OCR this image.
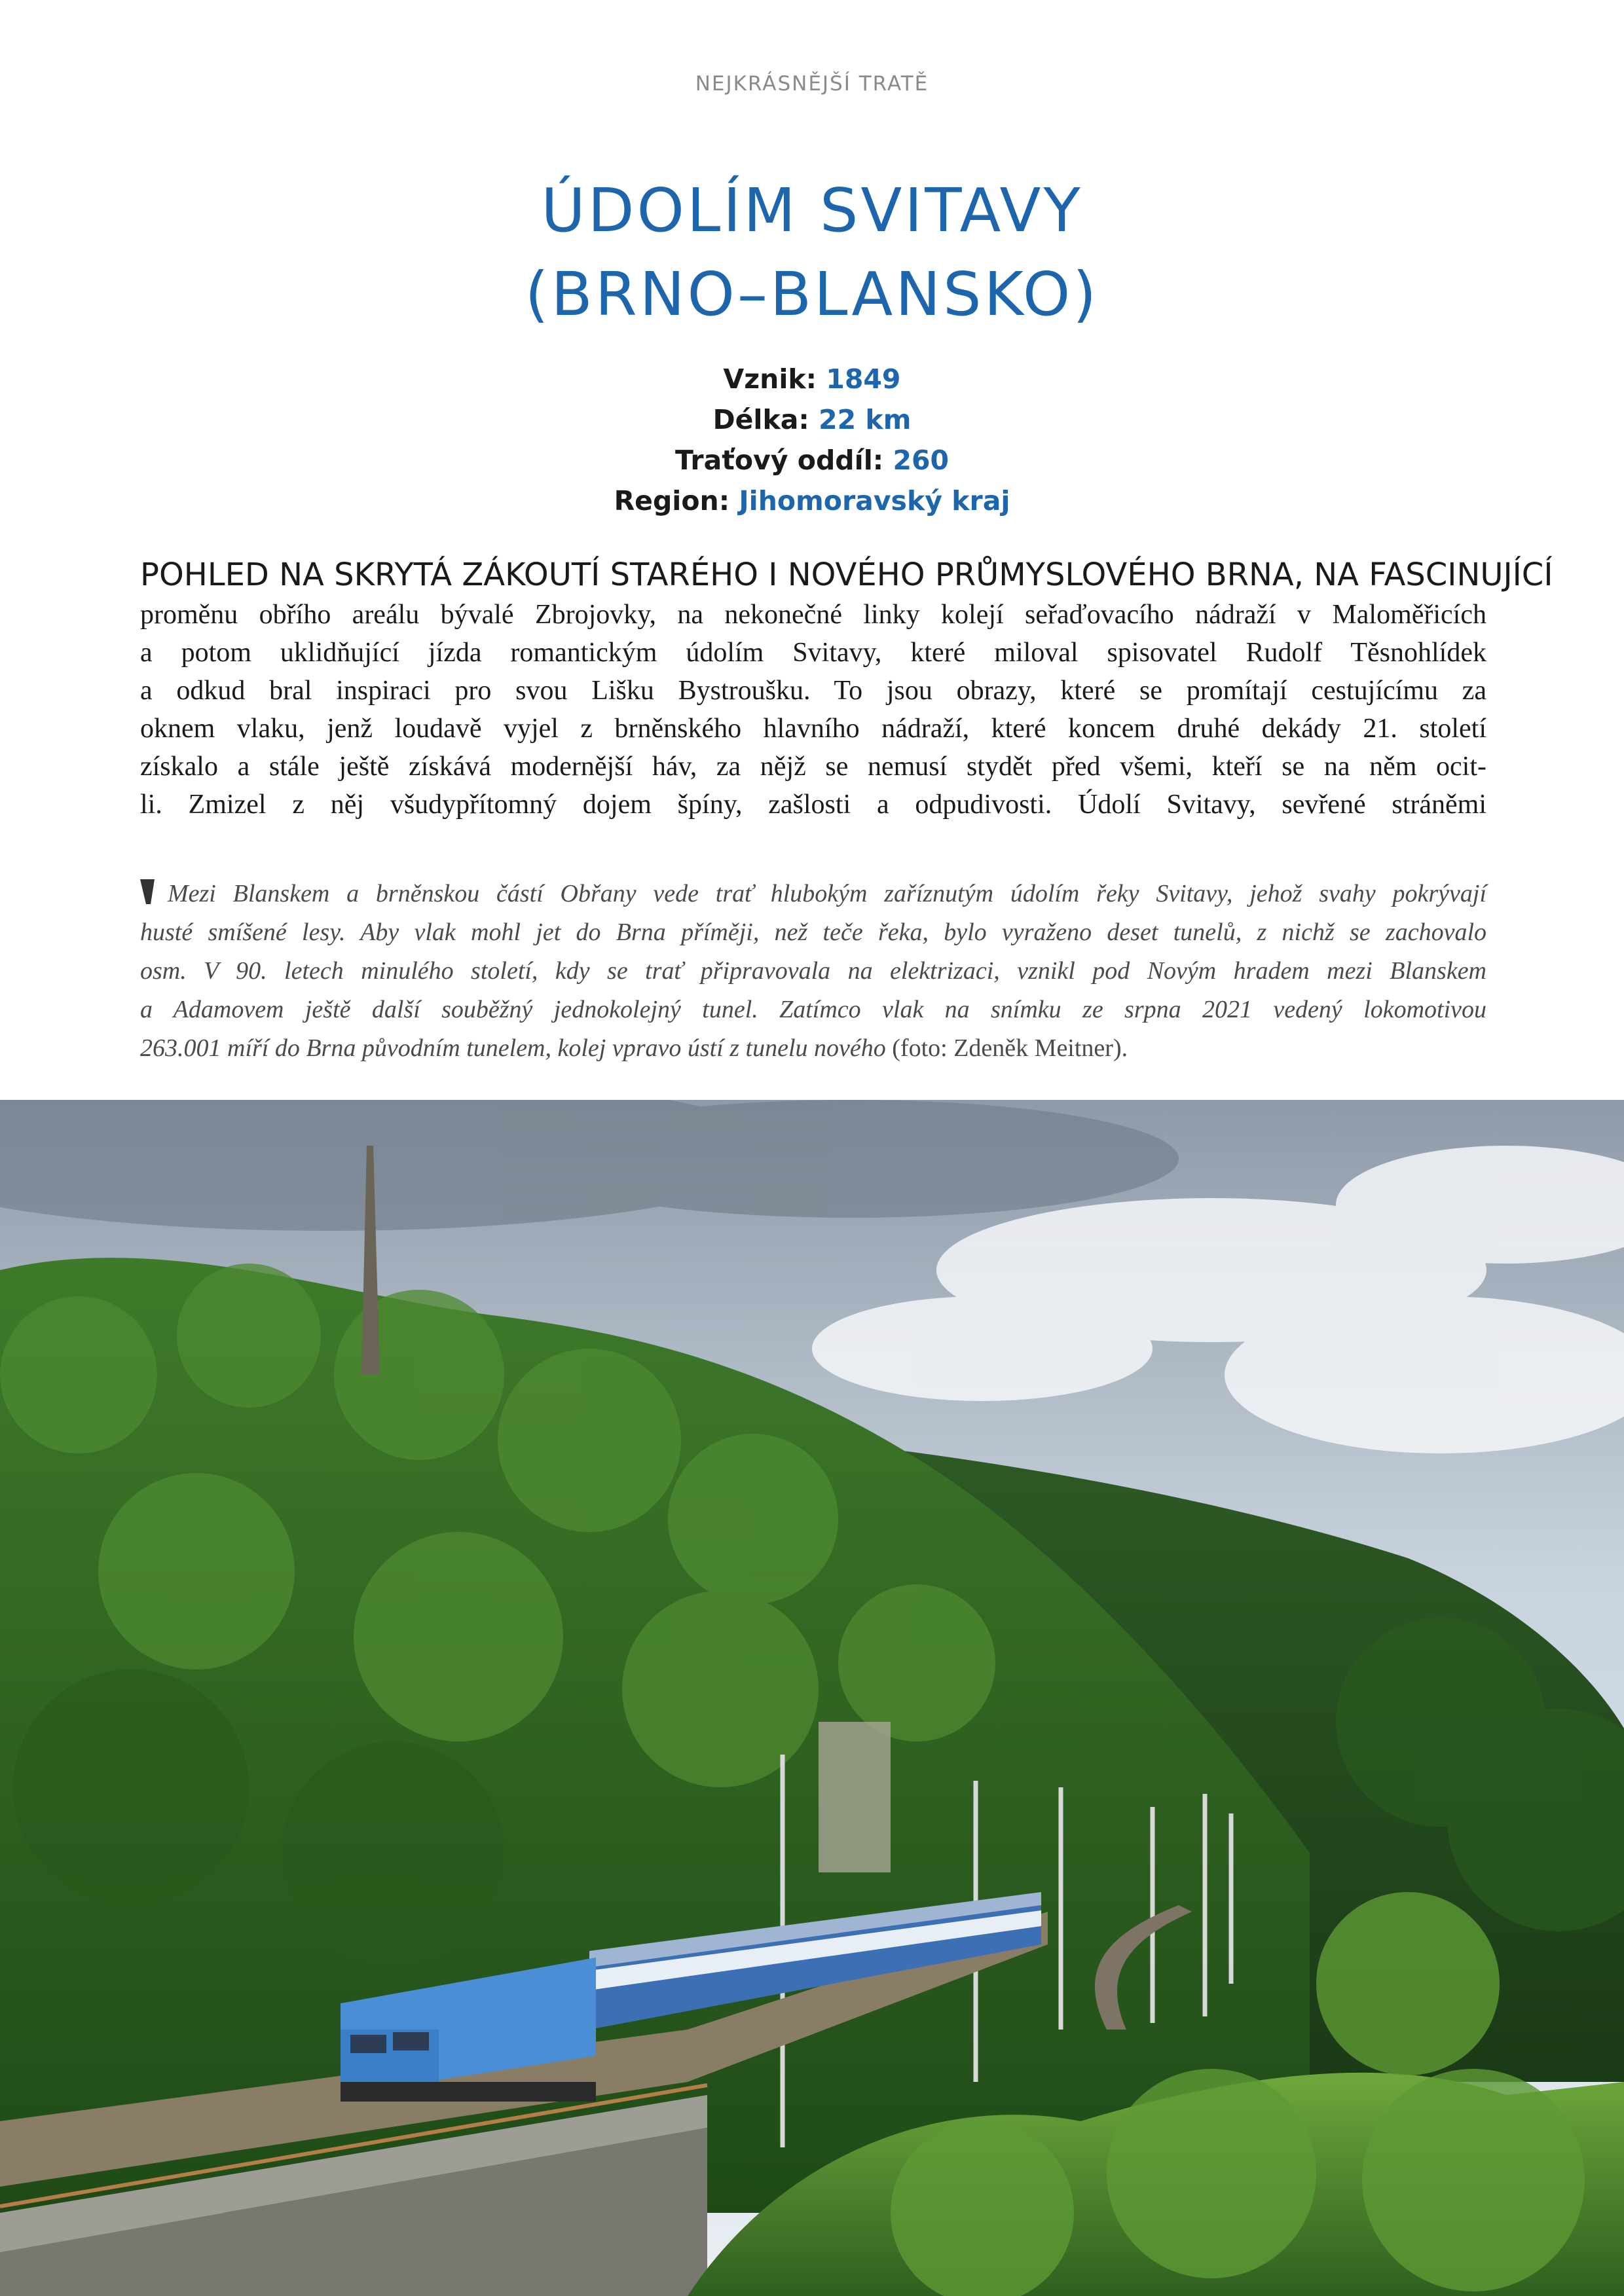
NEJKRÁSNĚJŠÍ TRATĚ
ÚDOLÍM SVITAVY
(BRNO–BLANSKO)
Vznik: 1849
Délka: 22 km
Traťový oddíl: 260
Region: Jihomoravský kraj

POHLED NA SKRYTÁ ZÁKOUTÍ STARÉHO I NOVÉHO PRŮMYSLOVÉHO BRNA, NA FASCINUJÍCÍ

proměnu obřího areálu bývalé Zbrojovky, na nekonečné linky kolejí seřaďovacího nádraží v Maloměřicích
a potom uklidňující jízda romantickým údolím Svitavy, které miloval spisovatel Rudolf Těsnohlídek
a odkud bral inspiraci pro svou Lišku Bystroušku. To jsou obrazy, které se promítají cestujícímu za
oknem vlaku, jenž loudavě vyjel z brněnského hlavního nádraží, které koncem druhé dekády 21. století
získalo a stále ještě získává modernější háv, za nějž se nemusí stydět před všemi, kteří se na něm ocit-
li. Zmizel z něj všudypřítomný dojem špíny, zašlosti a odpudivosti. Údolí Svitavy, sevřené stráněmi

Mezi Blanskem a brněnskou částí Obřany vede trať hlubokým zaříznutým údolím řeky Svitavy, jehož svahy pokrývají
husté smíšené lesy. Aby vlak mohl jet do Brna příměji, než teče řeka, bylo vyraženo deset tunelů, z nichž se zachovalo
osm. V 90. letech minulého století, kdy se trať připravovala na elektrizaci, vznikl pod Novým hradem mezi Blanskem
a Adamovem ještě další souběžný jednokolejný tunel. Zatímco vlak na snímku ze srpna 2021 vedený lokomotivou
263.001 míří do Brna původním tunelem, kolej vpravo ústí z tunelu nového (foto: Zdeněk Meitner).
